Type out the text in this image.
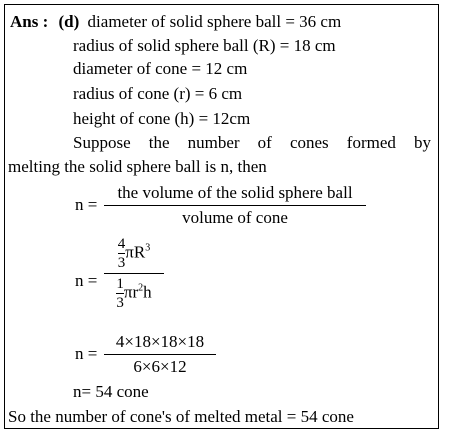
Ans : (d) diameter of solid sphere ball = 36 cm
radius of solid sphere ball (R) = 18 cm
diameter of cone = 12 cm
radius of cone (r) = 6 cm
height of cone (h) = 12cm
Suppose the number of cones formed by
melting the solid sphere ball is n, then
n =
the volume of the solid sphere ball
volume of cone
n =
$\frac{4}{3} \pi R^3$
$\frac{1}{3} \pi r^2h$
n =
4×18×18×18
6×6×12
n= 54 cone
So the number of cone's of melted metal = 54 cone
